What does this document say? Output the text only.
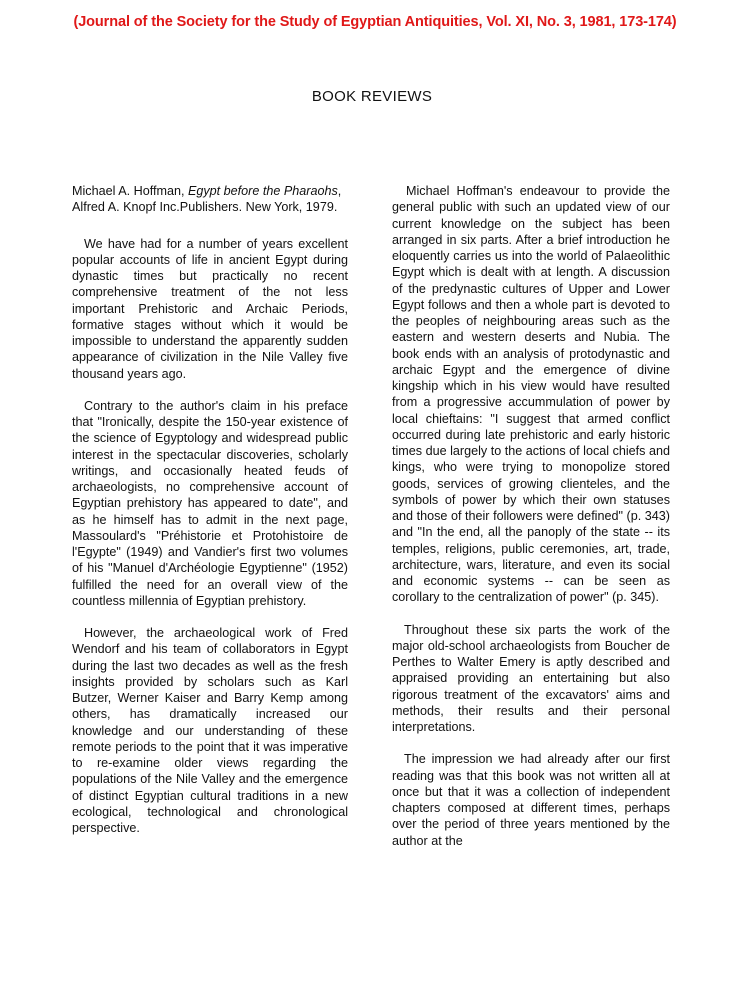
(Journal of the Society for the Study of Egyptian Antiquities, Vol. XI, No. 3, 1981, 173-174)
BOOK REVIEWS

Michael A. Hoffman, Egypt before the Pharaohs, Alfred A. Knopf Inc.Publishers. New York, 1979.

We have had for a number of years excellent popular accounts of life in ancient Egypt during dynastic times but practically no recent comprehensive treatment of the not less important Prehistoric and Archaic Periods, formative stages without which it would be impossible to understand the apparently sudden appearance of civilization in the Nile Valley five thousand years ago.

Contrary to the author's claim in his preface that "Ironically, despite the 150-year existence of the science of Egyptology and widespread public interest in the spectacular discoveries, scholarly writings, and occasionally heated feuds of archaeologists, no comprehensive account of Egyptian prehistory has appeared to date", and as he himself has to admit in the next page, Massoulard's "Préhistorie et Protohistoire de l'Egypte" (1949) and Vandier's first two volumes of his "Manuel d'Archéologie Egyptienne" (1952) fulfilled the need for an overall view of the countless millennia of Egyptian prehistory.

However, the archaeological work of Fred Wendorf and his team of collaborators in Egypt during the last two decades as well as the fresh insights provided by scholars such as Karl Butzer, Werner Kaiser and Barry Kemp among others, has dramatically increased our knowledge and our understanding of these remote periods to the point that it was imperative to re-examine older views regarding the populations of the Nile Valley and the emergence of distinct Egyptian cultural traditions in a new ecological, technological and chronological perspective.

Michael Hoffman's endeavour to provide the general public with such an updated view of our current knowledge on the subject has been arranged in six parts. After a brief introduction he eloquently carries us into the world of Palaeolithic Egypt which is dealt with at length. A discussion of the predynastic cultures of Upper and Lower Egypt follows and then a whole part is devoted to the peoples of neighbouring areas such as the eastern and western deserts and Nubia. The book ends with an analysis of protodynastic and archaic Egypt and the emergence of divine kingship which in his view would have resulted from a progressive accummulation of power by local chieftains: "I suggest that armed conflict occurred during late prehistoric and early historic times due largely to the actions of local chiefs and kings, who were trying to monopolize stored goods, services of growing clienteles, and the symbols of power by which their own statuses and those of their followers were defined" (p. 343) and "In the end, all the panoply of the state -- its temples, religions, public ceremonies, art, trade, architecture, wars, literature, and even its social and economic systems -- can be seen as corollary to the centralization of power" (p. 345).

Throughout these six parts the work of the major old-school archaeologists from Boucher de Perthes to Walter Emery is aptly described and appraised providing an entertaining but also rigorous treatment of the excavators' aims and methods, their results and their personal interpretations.

The impression we had already after our first reading was that this book was not written all at once but that it was a collection of independent chapters composed at different times, perhaps over the period of three years mentioned by the author at the
